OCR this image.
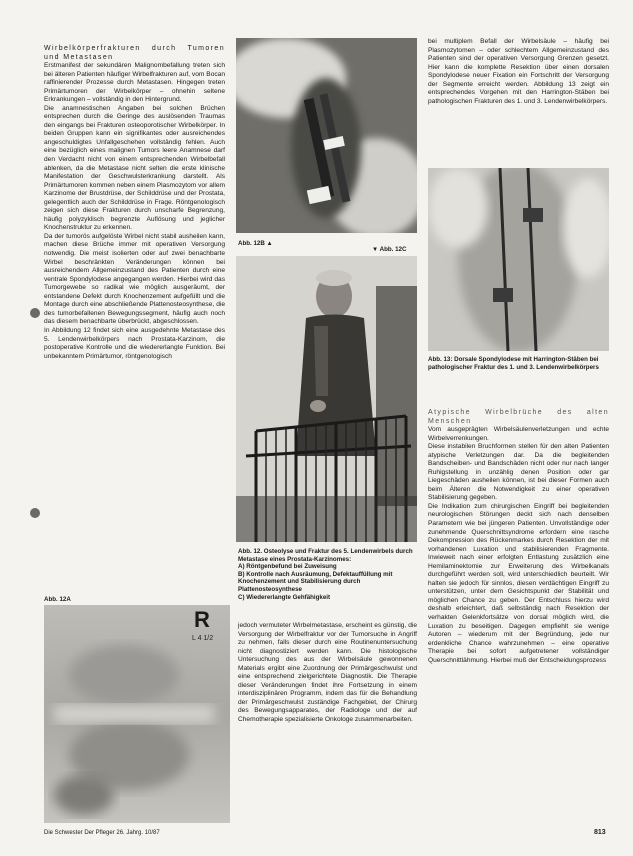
Wirbelkörperfrakturen durch Tumoren und Metastasen

Erstmanifest der sekundären Malignombefallung treten sich bei älteren Patienten häufiger Wirbelfrakturen auf, vom Bocan raffinierender Prozesse durch Metastasen. Hingegen treten Primärtumoren der Wirbelkörper – ohnehin seltene Erkrankungen – vollständig in den Hintergrund.

Die anamnestischen Angaben bei solchen Brüchen entsprechen durch die Geringe des auslösenden Traumas den eingangs bei Frakturen osteoporotischer Wirbelkörper. In beiden Gruppen kann ein signifikantes oder ausreichendes angeschuldigtes Unfallgeschehen vollständig fehlen. Auch eine bezüglich eines malignen Tumors leere Anamnese darf den Verdacht nicht von einem entsprechenden Wirbelbefall ablenken, da die Metastase nicht selten die erste klinische Manifestation der Geschwulsterkrankung darstellt. Als Primärtumoren kommen neben einem Plasmozytom vor allem Karzinome der Brustdrüse, der Schilddrüse und der Prostata, gelegentlich auch der Schilddrüse in Frage. Röntgenologisch zeigen sich diese Frakturen durch unscharfe Begrenzung, häufig polyzyklisch begrenzte Auflösung und jeglicher Knochenstruktur zu erkennen.

Da der tumorös aufgelöste Wirbel nicht stabil ausheilen kann, machen diese Brüche immer mit operativen Versorgung notwendig. Die meist isolierten oder auf zwei benachbarte Wirbel beschränkten Veränderungen können bei ausreichendem Allgemeinzustand des Patienten durch eine ventrale Spondylodese angegangen werden. Hierbei wird das Tumorgewebe so radikal wie möglich ausgeräumt, der entstandene Defekt durch Knochenzement aufgefüllt und die Montage durch eine abschließende Plattenosteosynthese, die des tumorbefallenen Bewegungssegment, häufig auch noch das diesem benachbarte überbrückt, abgeschlossen.

In Abbildung 12 findet sich eine ausgedehnte Metastase des 5. Lendenwirbelkörpers nach Prostata-Karzinom, die postoperative Kontrolle und die wiedererlangte Funktion. Bei unbekanntem Primärtumor, röntgenologisch

Abb. 12A
R
L 4 1/2
Abb. 12B ▲
▼ Abb. 12C
Abb. 12. Osteolyse und Fraktur des 5. Lendenwirbels durch Metastase eines Prostata-Karzinomes:
A) Röntgenbefund bei Zuweisung
B) Kontrolle nach Ausräumung, Defektauffüllung mit Knochenzement und Stabilisierung durch Plattenosteosynthese
C) Wiedererlangte Gehfähigkeit

jedoch vermuteter Wirbelmetastase, erscheint es günstig, die Versorgung der Wirbelfraktur vor der Tumorsuche in Angriff zu nehmen, falls dieser durch eine Routinenuntersuchung nicht diagnostiziert werden kann. Die histologische Untersuchung des aus der Wirbelsäule gewonnenen Materials ergibt eine Zuordnung der Primärgeschwulst und eine entsprechend zielgerichtete Diagnostik. Die Therapie dieser Veränderungen findet ihre Fortsetzung in einem interdisziplinären Programm, indem das für die Behandlung der Primärgeschwulst zuständige Fachgebiet, der Chirurg des Bewegungsapparates, der Radiologe und der auf Chemotherapie spezialisierte Onkologe zusammenarbeiten.

bei multiplem Befall der Wirbelsäule – häufig bei Plasmozytomen – oder schlechtem Allgemeinzustand des Patienten sind der operativen Versorgung Grenzen gesetzt. Hier kann die komplette Resektion über einen dorsalen Spondylodese neuer Fixation ein Fortschritt der Versorgung der Segmente erreicht werden. Abbildung 13 zeigt ein entsprechendes Vorgehen mit den Harrington-Stäben bei pathologischen Frakturen des 1. und 3. Lendenwirbelkörpers.

Abb. 13: Dorsale Spondylodese mit Harrington-Stäben bei pathologischer Fraktur des 1. und 3. Lendenwirbelkörpers

Atypische Wirbelbrüche des alten Menschen

Vom ausgeprägten Wirbelsäulenverletzungen und echte Wirbelverrenkungen.

Diese instabilen Bruchformen stellen für den alten Patienten atypische Verletzungen dar. Da die begleitenden Bandscheiben- und Bandschäden nicht oder nur nach langer Ruhigstellung in unzählig denen Position oder gar Liegeschäden ausheilen können, ist bei dieser Formen auch beim Älteren die Notwendigkeit zu einer operativen Stabilisierung gegeben.

Die Indikation zum chirurgischen Eingriff bei begleitenden neurologischen Störungen deckt sich nach denselben Parametern wie bei jüngeren Patienten. Unvollständige oder zunehmende Querschnittsyndrome erfordern eine rasche Dekompression des Rückenmarkes durch Resektion der mit vorhandenen Luxation und stabilisierenden Fragmente. Inwieweit nach einer erfolgten Entlastung zusätzlich eine Hemilaminektomie zur Erweiterung des Wirbelkanals durchgeführt werden soll, wird unterschiedlich beurteilt. Wir halten sie jedoch für sinnlos, diesen verdächtigen Eingriff zu unterstützen, unter dem Gesichtspunkt der Stabilität und möglichen Chance zu geben. Der Entschluss hierzu wird deshalb erleichtert, daß selbständig nach Resektion der verhakten Gelenkfortsätze von dorsal möglich wird, die Luxation zu beseitigen. Dagegen empfiehlt sie wenige Autoren – wiederum mit der Begründung, jede nur erdenkliche Chance wahrzunehmen – eine operative Therapie bei sofort aufgetretener vollständiger Querschnittlähmung. Hierbei muß der Entscheidungsprozess

Die Schwester Der Pfleger 26. Jahrg. 10/87	813
